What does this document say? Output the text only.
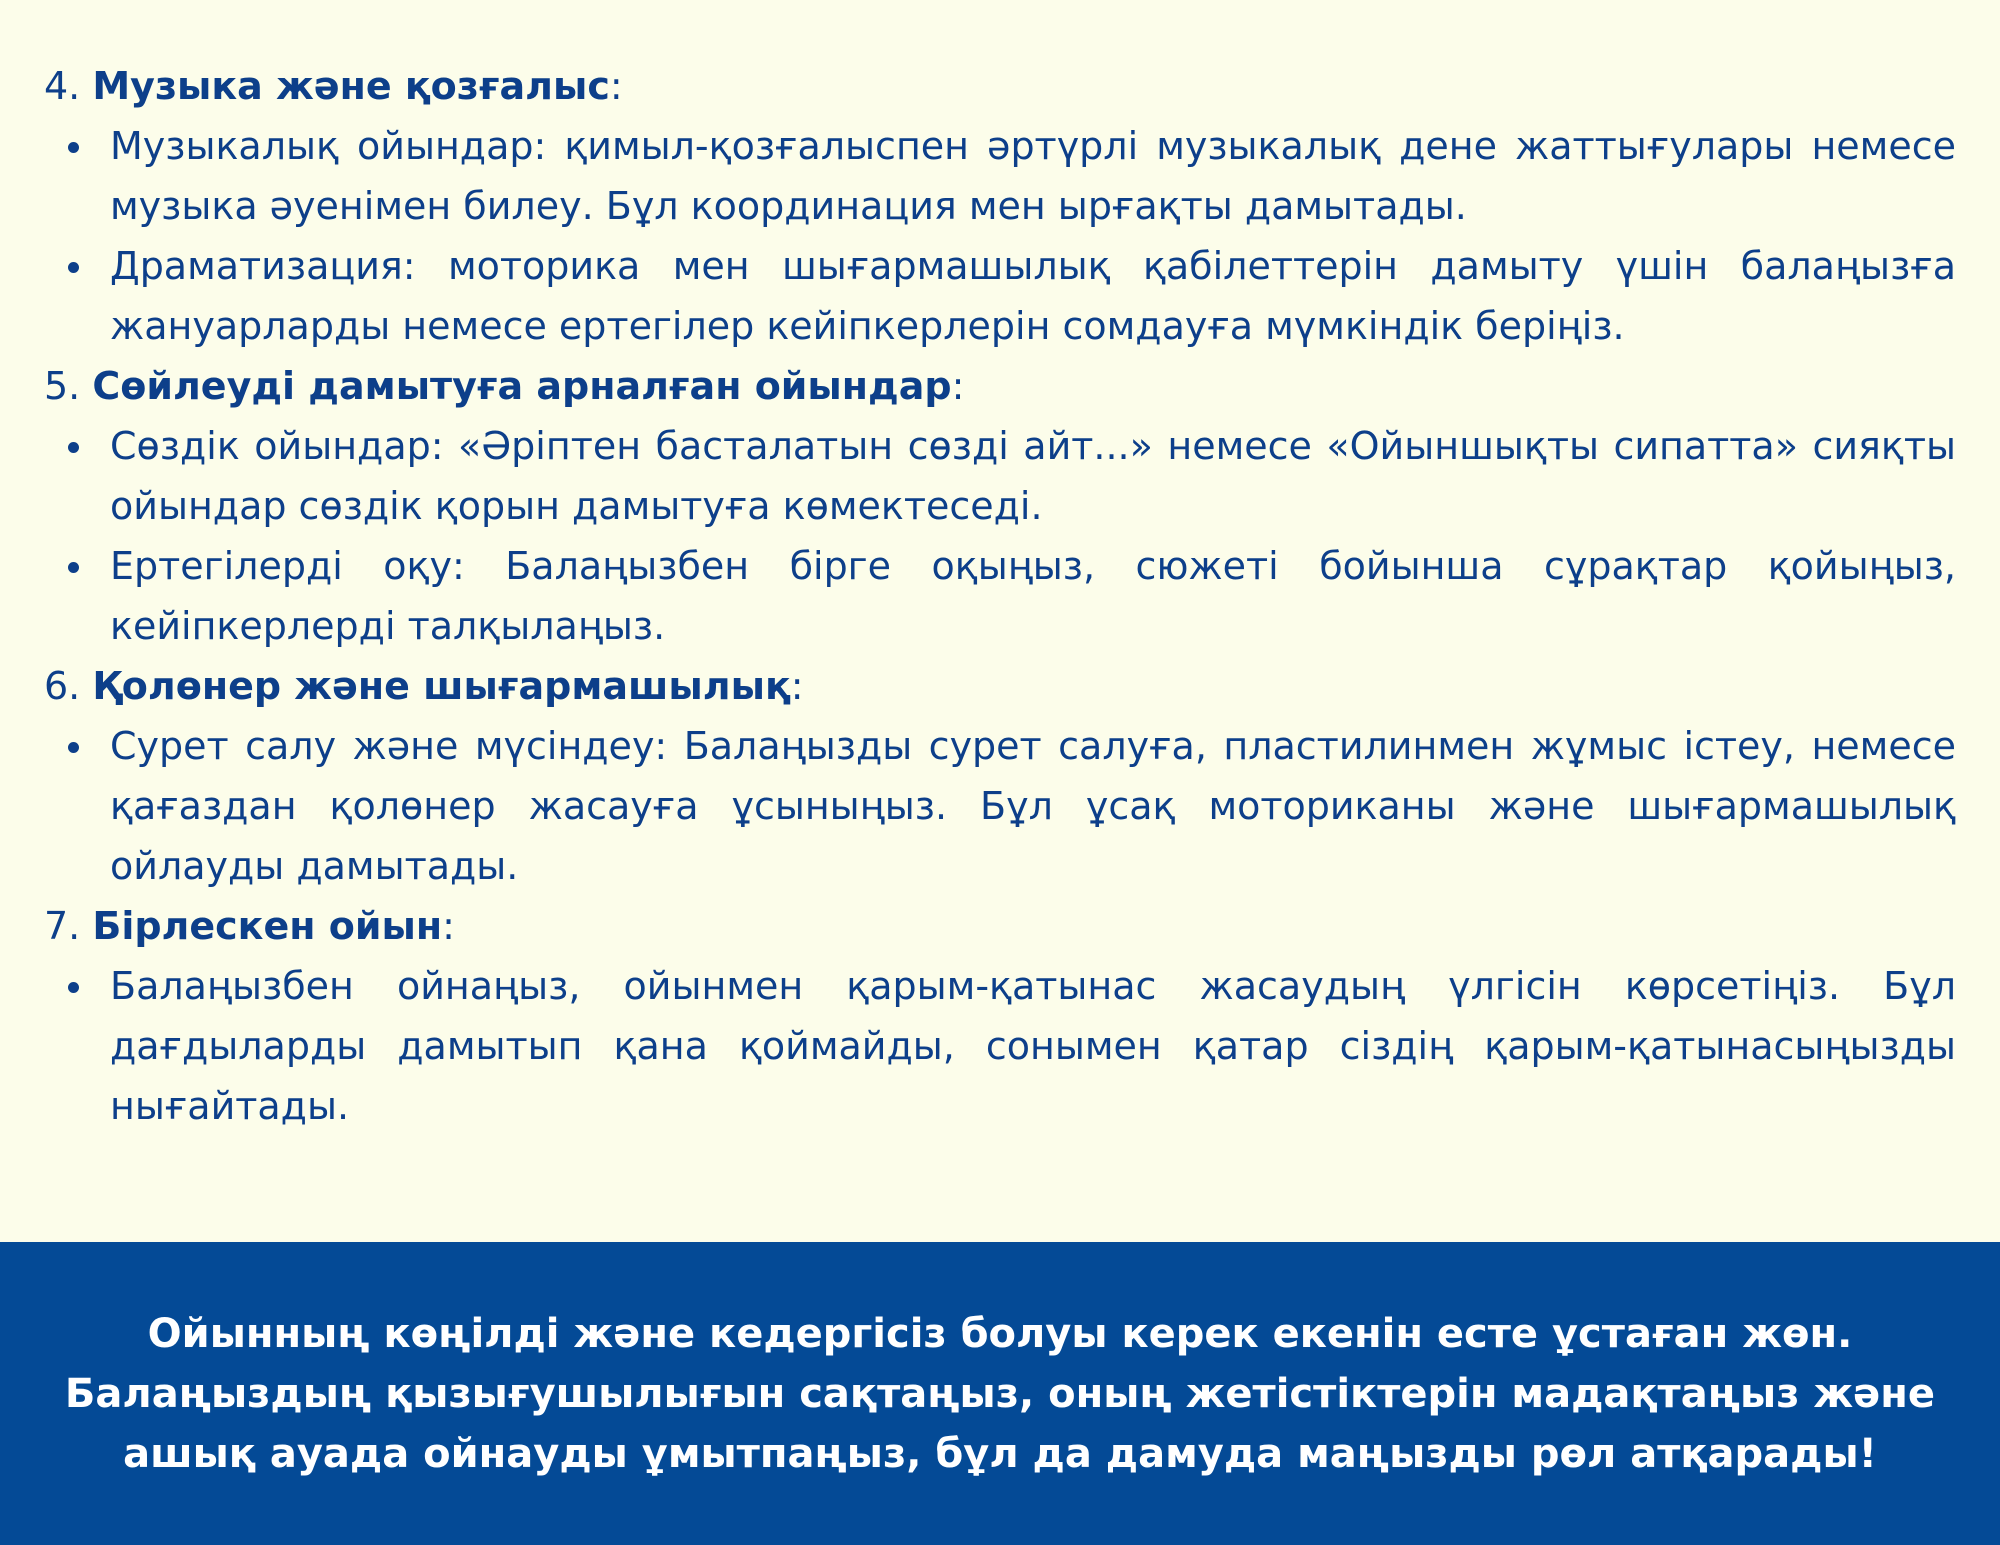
4. Музыка және қозғалыс:

Музыкалық ойындар: қимыл-қозғалыспен әртүрлі музыкалық дене жаттығулары немесе музыка әуенімен билеу. Бұл координация мен ырғақты дамытады.
Драматизация: моторика мен шығармашылық қабілеттерін дамыту үшін балаңызға жануарларды немесе ертегілер кейіпкерлерін сомдауға мүмкіндік беріңіз.

5. Сөйлеуді дамытуға арналған ойындар:

Сөздік ойындар: «Әріптен басталатын сөзді айт...» немесе «Ойыншықты сипатта» сияқты ойындар сөздік қорын дамытуға көмектеседі.
Ертегілерді оқу: Балаңызбен бірге оқыңыз, сюжеті бойынша сұрақтар қойыңыз, кейіпкерлерді талқылаңыз.

6. Қолөнер және шығармашылық:

Сурет салу және мүсіндеу: Балаңызды сурет салуға, пластилинмен жұмыс істеу, немесе қағаздан қолөнер жасауға ұсыныңыз. Бұл ұсақ моториканы және шығармашылық ойлауды дамытады.

7. Бірлескен ойын:

Балаңызбен ойнаңыз, ойынмен қарым-қатынас жасаудың үлгісін көрсетіңіз. Бұл дағдыларды дамытып қана қоймайды, сонымен қатар сіздің қарым-қатынасыңызды нығайтады.

Ойынның көңілді және кедергісіз болуы керек екенін есте ұстаған жөн. Балаңыздың қызығушылығын сақтаңыз, оның жетістіктерін мадақтаңыз және ашық ауада ойнауды ұмытпаңыз, бұл да дамуда маңызды рөл атқарады!
